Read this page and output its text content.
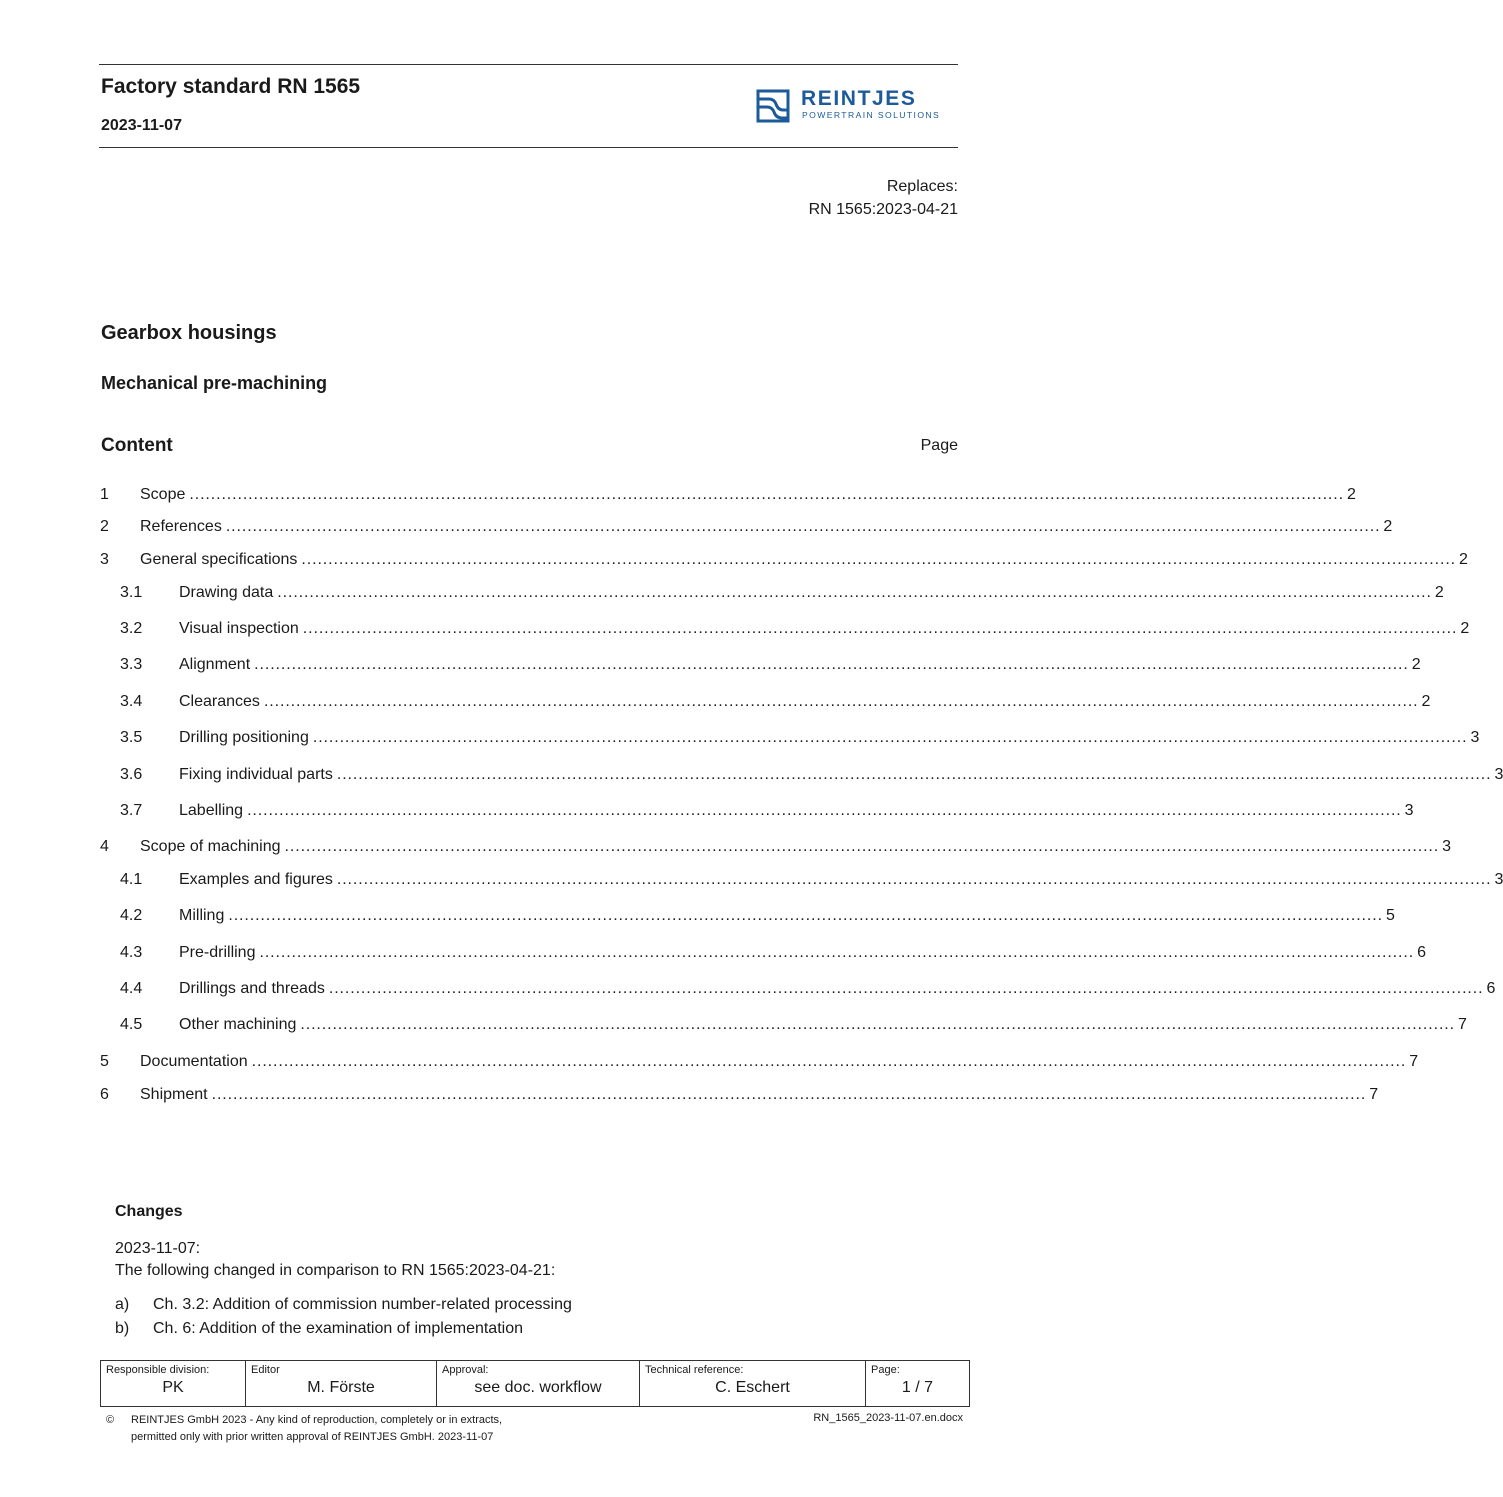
Factory standard RN 1565
2023-11-07
REINTJES
POWERTRAIN SOLUTIONS
Replaces:
RN 1565:2023-04-21
Gearbox housings
Mechanical pre-machining
Content	Page
1	Scope ........................................................................................................................................................................................................................ 2
2	References ........................................................................................................................................................................................................................ 2
3	General specifications ........................................................................................................................................................................................................................ 2
3.1	Drawing data ........................................................................................................................................................................................................................ 2
3.2	Visual inspection ........................................................................................................................................................................................................................ 2
3.3	Alignment ........................................................................................................................................................................................................................ 2
3.4	Clearances ........................................................................................................................................................................................................................ 2
3.5	Drilling positioning ........................................................................................................................................................................................................................ 3
3.6	Fixing individual parts ........................................................................................................................................................................................................................ 3
3.7	Labelling ........................................................................................................................................................................................................................ 3
4	Scope of machining ........................................................................................................................................................................................................................ 3
4.1	Examples and figures ........................................................................................................................................................................................................................ 3
4.2	Milling ........................................................................................................................................................................................................................ 5
4.3	Pre-drilling ........................................................................................................................................................................................................................ 6
4.4	Drillings and threads ........................................................................................................................................................................................................................ 6
4.5	Other machining ........................................................................................................................................................................................................................ 7
5	Documentation ........................................................................................................................................................................................................................ 7
6	Shipment ........................................................................................................................................................................................................................ 7
Changes
2023-11-07:
The following changed in comparison to RN 1565:2023-04-21:
a) Ch. 3.2: Addition of commission number-related processing
b) Ch. 6: Addition of the examination of implementation
Responsible division:
PK

Editor
M. Förste

Approval:
see doc. workflow

Technical reference:
C. Eschert

Page:
1 / 7
© REINTJES GmbH 2023 - Any kind of reproduction, completely or in extracts,
permitted only with prior written approval of REINTJES GmbH. 2023-11-07
RN_1565_2023-11-07.en.docx
